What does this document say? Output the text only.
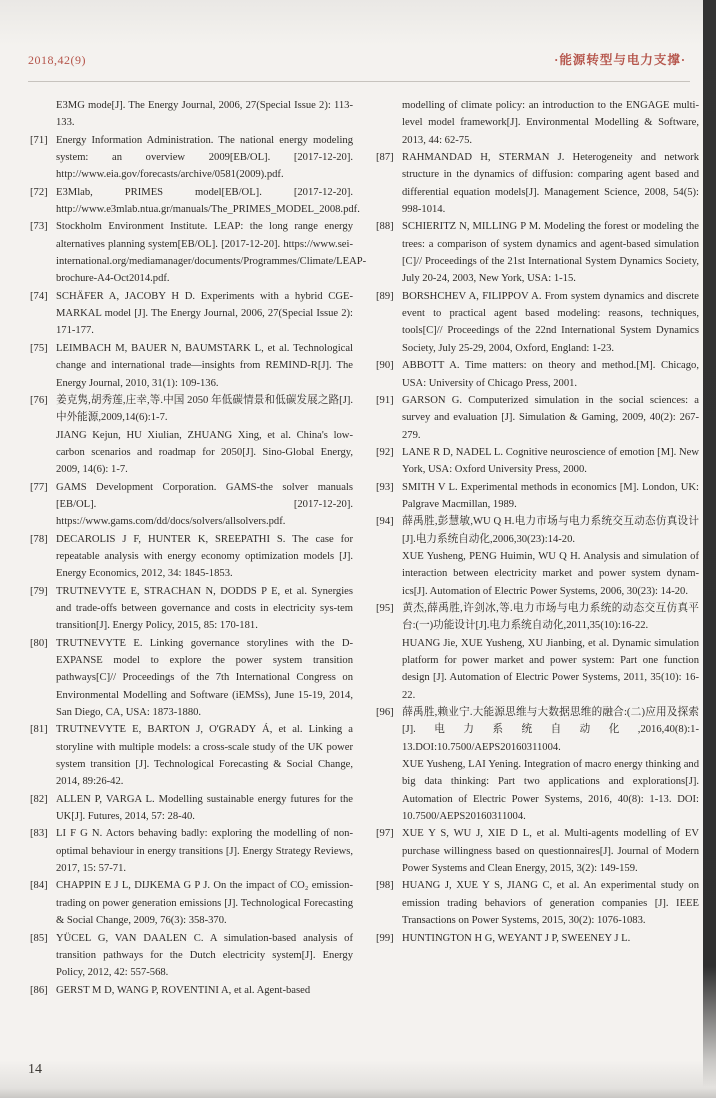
2018,42(9)	·能源转型与电力支撑·
E3MG mode[J]. The Energy Journal, 2006, 27(Special Issue 2): 113-133.
[71] Energy Information Administration. The national energy modeling system: an overview 2009[EB/OL]. [2017-12-20]. http://www.eia.gov/forecasts/archive/0581(2009).pdf.
[72] E3Mlab, PRIMES model[EB/OL]. [2017-12-20]. http://www.e3mlab.ntua.gr/manuals/The_PRIMES_MODEL_2008.pdf.
[73] Stockholm Environment Institute. LEAP: the long range energy alternatives planning system[EB/OL]. [2017-12-20]. https://www.sei-international.org/mediamanager/documents/Programmes/Climate/LEAP-brochure-A4-Oct2014.pdf.
[74] SCHÄFER A, JACOBY H D. Experiments with a hybrid CGE-MARKAL model [J]. The Energy Journal, 2006, 27(Special Issue 2): 171-177.
[75] LEIMBACH M, BAUER N, BAUMSTARK L, et al. Technological change and international trade—insights from REMIND-R[J]. The Energy Journal, 2010, 31(1): 109-136.
[76] 姜克隽,胡秀莲,庄幸,等.中国 2050 年低碳情景和低碳发展之路[J].中外能源,2009,14(6):1-7.
JIANG Kejun, HU Xiulian, ZHUANG Xing, et al. China's low-carbon scenarios and roadmap for 2050[J]. Sino-Global Energy, 2009, 14(6): 1-7.
[77] GAMS Development Corporation. GAMS-the solver manuals [EB/OL]. [2017-12-20]. https://www.gams.com/dd/docs/solvers/allsolvers.pdf.
[78] DECAROLIS J F, HUNTER K, SREEPATHI S. The case for repeatable analysis with energy economy optimization models [J]. Energy Economics, 2012, 34: 1845-1853.
[79] TRUTNEVYTE E, STRACHAN N, DODDS P E, et al. Synergies and trade-offs between governance and costs in electricity sys-tem transition[J]. Energy Policy, 2015, 85: 170-181.
[80] TRUTNEVYTE E. Linking governance storylines with the D-EXPANSE model to explore the power system transition pathways[C]// Proceedings of the 7th International Congress on Environmental Modelling and Software (iEMSs), June 15-19, 2014, San Diego, CA, USA: 1873-1880.
[81] TRUTNEVYTE E, BARTON J, O'GRADY Á, et al. Linking a storyline with multiple models: a cross-scale study of the UK power system transition [J]. Technological Forecasting & Social Change, 2014, 89:26-42.
[82] ALLEN P, VARGA L. Modelling sustainable energy futures for the UK[J]. Futures, 2014, 57: 28-40.
[83] LI F G N. Actors behaving badly: exploring the modelling of non-optimal behaviour in energy transitions [J]. Energy Strategy Reviews, 2017, 15: 57-71.
[84] CHAPPIN E J L, DIJKEMA G P J. On the impact of CO₂ emission-trading on power generation emissions [J]. Technological Forecasting & Social Change, 2009, 76(3): 358-370.
[85] YÜCEL G, VAN DAALEN C. A simulation-based analysis of transition pathways for the Dutch electricity system[J]. Energy Policy, 2012, 42: 557-568.
[86] GERST M D, WANG P, ROVENTINI A, et al. Agent-based
modelling of climate policy: an introduction to the ENGAGE multi-level model framework[J]. Environmental Modelling & Software, 2013, 44: 62-75.
[87] RAHMANDAD H, STERMAN J. Heterogeneity and network structure in the dynamics of diffusion: comparing agent based and differential equation models[J]. Management Science, 2008, 54(5): 998-1014.
[88] SCHIERITZ N, MILLING P M. Modeling the forest or modeling the trees: a comparison of system dynamics and agent-based simulation [C]// Proceedings of the 21st International System Dynamics Society, July 20-24, 2003, New York, USA: 1-15.
[89] BORSHCHEV A, FILIPPOV A. From system dynamics and discrete event to practical agent based modeling: reasons, techniques, tools[C]// Proceedings of the 22nd International System Dynamics Society, July 25-29, 2004, Oxford, England: 1-23.
[90] ABBOTT A. Time matters: on theory and method.[M]. Chicago, USA: University of Chicago Press, 2001.
[91] GARSON G. Computerized simulation in the social sciences: a survey and evaluation [J]. Simulation & Gaming, 2009, 40(2): 267-279.
[92] LANE R D, NADEL L. Cognitive neuroscience of emotion [M]. New York, USA: Oxford University Press, 2000.
[93] SMITH V L. Experimental methods in economics [M]. London, UK: Palgrave Macmillan, 1989.
[94] 薛禹胜,彭慧敏,WU Q H.电力市场与电力系统交互动态仿真设计[J].电力系统自动化,2006,30(23):14-20.
XUE Yusheng, PENG Huimin, WU Q H. Analysis and simulation of interaction between electricity market and power system dynam-ics[J]. Automation of Electric Power Systems, 2006, 30(23): 14-20.
[95] 黄杰,薛禹胜,许剑冰,等.电力市场与电力系统的动态交互仿真平台:(一)功能设计[J].电力系统自动化,2011,35(10):16-22.
HUANG Jie, XUE Yusheng, XU Jianbing, et al. Dynamic simulation platform for power market and power system: Part one function design [J]. Automation of Electric Power Systems, 2011, 35(10): 16-22.
[96] 薛禹胜,赖业宁.大能源思维与大数据思维的融合:(二)应用及探索[J].电力系统自动化,2016,40(8):1-13.DOI:10.7500/AEPS20160311004.
XUE Yusheng, LAI Yening. Integration of macro energy thinking and big data thinking: Part two applications and explorations[J]. Automation of Electric Power Systems, 2016, 40(8): 1-13. DOI: 10.7500/AEPS20160311004.
[97] XUE Y S, WU J, XIE D L, et al. Multi-agents modelling of EV purchase willingness based on questionnaires[J]. Journal of Modern Power Systems and Clean Energy, 2015, 3(2): 149-159.
[98] HUANG J, XUE Y S, JIANG C, et al. An experimental study on emission trading behaviors of generation companies [J]. IEEE Transactions on Power Systems, 2015, 30(2): 1076-1083.
[99] HUNTINGTON H G, WEYANT J P, SWEENEY J L.
14
